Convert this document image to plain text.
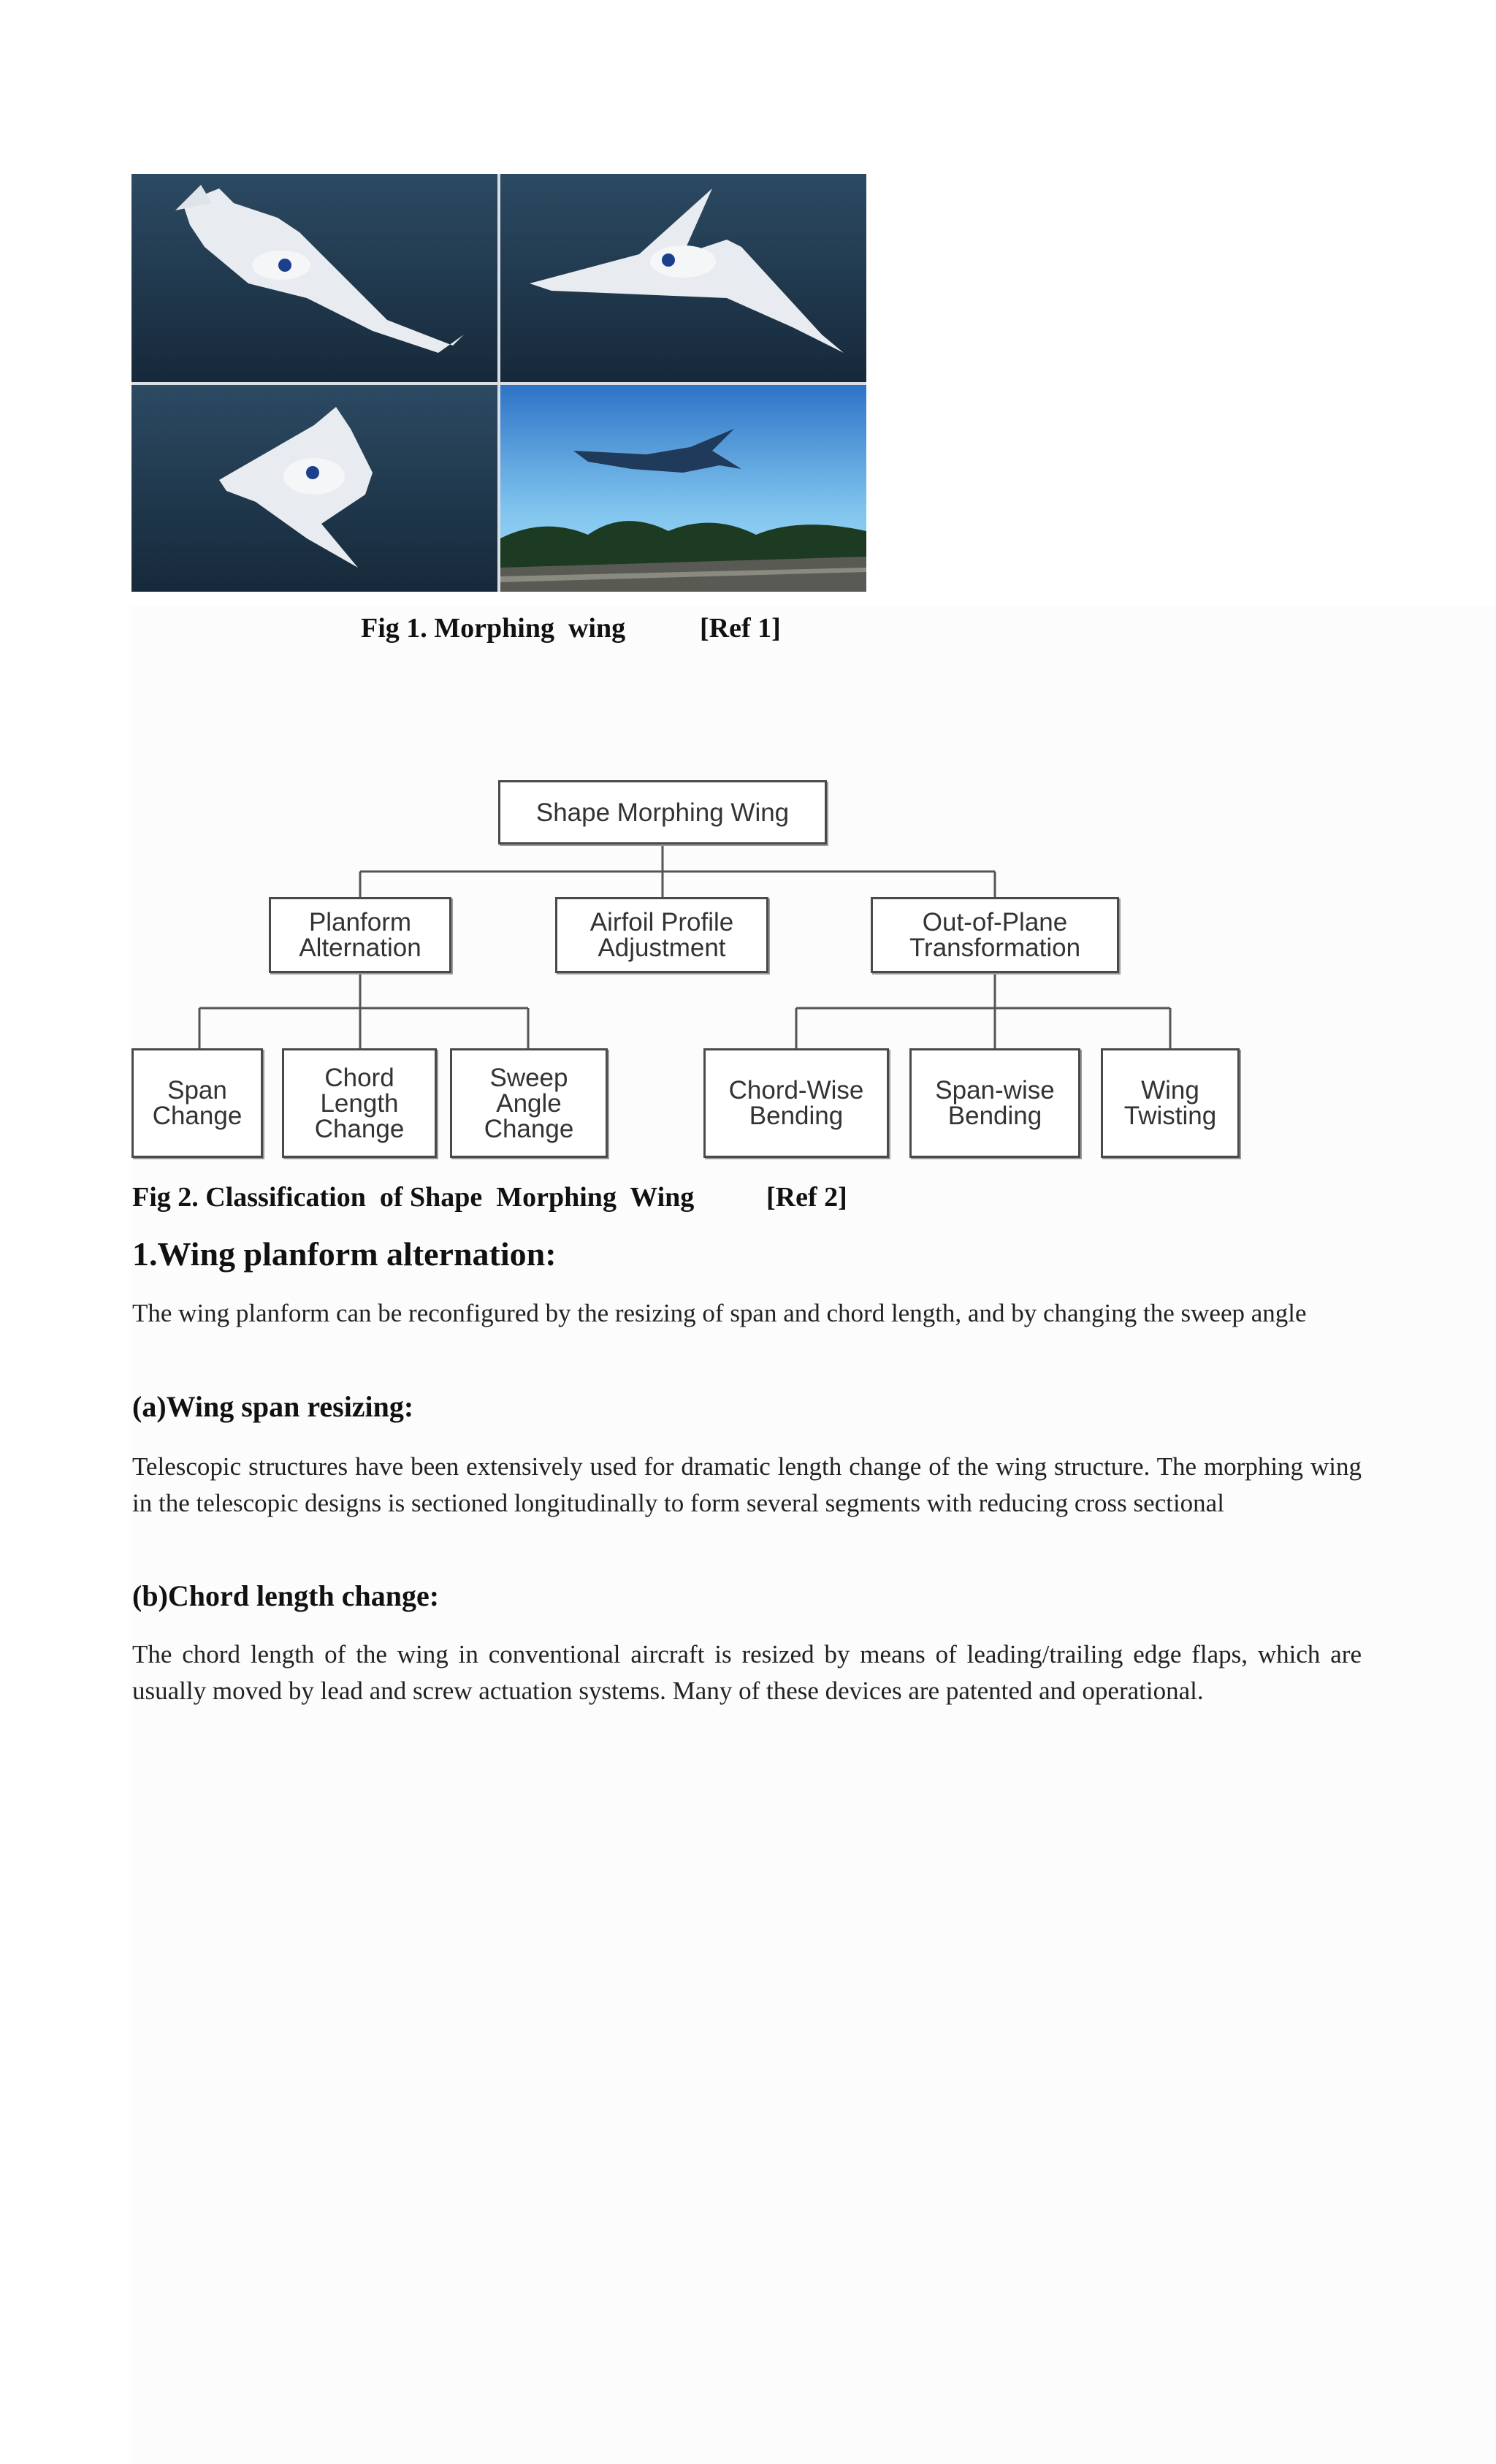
Fig 1. Morphing  wing	[Ref 1]
Shape Morphing Wing
Planform
Alternation
Airfoil Profile
Adjustment
Out-of-Plane
Transformation
Span
Change
Chord
Length
Change
Sweep
Angle
Change
Chord-Wise
Bending
Span-wise
Bending
Wing
Twisting
Fig 2. Classification  of Shape  Morphing  Wing	[Ref 2]
1.Wing planform alternation:
The wing planform can be reconfigured by the resizing of span and chord length, and by changing the sweep angle
(a)Wing span resizing:
Telescopic structures have been extensively used for dramatic length change of the wing structure. The morphing wing in the telescopic designs is sectioned longitudinally to form several segments with reducing cross sectional
(b)Chord length change:
The chord length of the wing in conventional aircraft is resized by means of leading/trailing edge flaps, which are usually moved by lead and screw actuation systems. Many of these devices are patented and operational.
